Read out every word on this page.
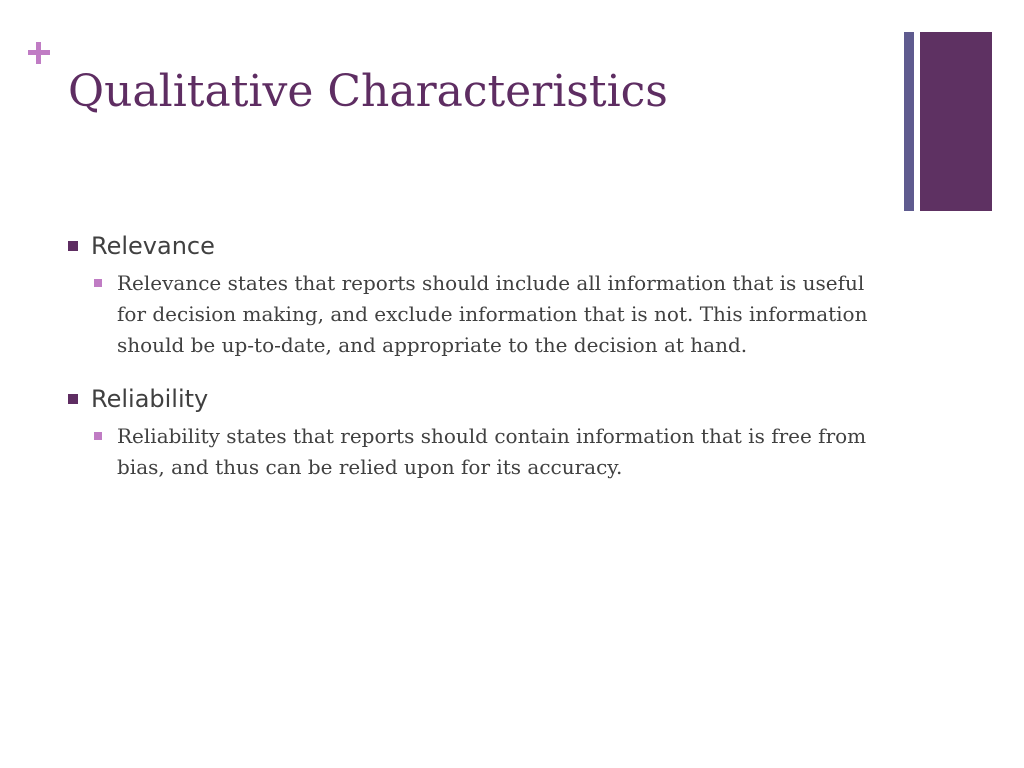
Qualitative Characteristics
Relevance
Relevance states that reports should include all information that is useful for decision making, and exclude information that is not. This information should be up-to-date, and appropriate to the decision at hand.
Reliability
Reliability states that reports should contain information that is free from bias, and thus can be relied upon for its accuracy.
